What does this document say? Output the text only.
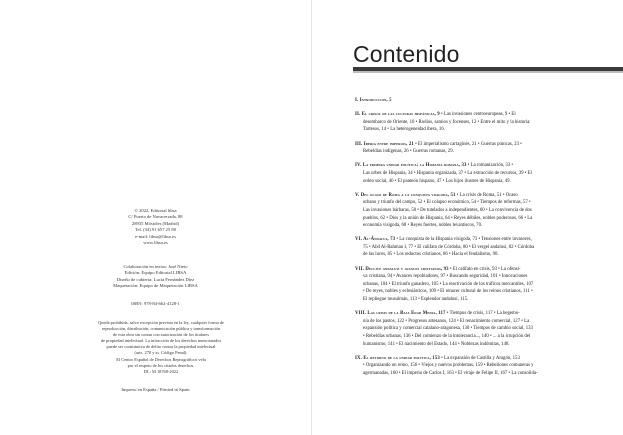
© 2022, Editorial libsa
C/ Puerto de Navacerrada, 88
28935 Móstoles (Madrid)
Tel. (34) 91 657 25 80
e-mail: libsa@libsa.es
www.libsa.es
Colaboración en textos: José Nieto
Edición: Equipo Editorial LIBSA
Diseño de cubierta: Lucía Fernández Díez
Maquetación: Equipo de Maquetación LIBSA
ISBN: 978-84-662-4128-1
Queda prohibida, salvo excepción prevista en la ley, cualquier forma de
reproducción, distribución, comunicación pública y transformación
de esta obra sin contar con autorización de los titulares
de propiedad intelectual. La infracción de los derechos mencionados
puede ser constitutiva de delito contra la propiedad intelectual
(arts. 270 y ss. Código Penal).
El Centro Español de Derechos Reprográficos vela
por el respeto de los citados derechos.
DL: M 18768-2022
Impreso en España / Printed in Spain
Contenido
I. Introducción, 5
II. El crisol de las culturas hispánicas, 9 • Las invasiones centroeuropeas, 9 • El
desembarco de Oriente, 10 • Rodios, samios y focenses, 12 • Entre el mito y la historia:
Tartesos, 14 • La heterogeneidad íbera, 16.
III. Iberia entre imperios, 21 • El imperialismo cartaginés, 21 • Guerras púnicas, 23 •
Rebeldías indígenas, 26 • Guerras romanas, 29.
IV. La primera unidad política: la Hispania romana, 33 • La romanización, 33 •
Las urbes de Hispania, 34 • Hispania organizada, 37 • La extracción de recursos, 39 • El
orden social, 46 • El panteón hispano, 47 • Los hijos ilustres de Hispania, 49.
V. Del ocaso de Roma a la conquista visigoda, 51 • La crisis de Roma, 51 • Ocaso
urbano y triunfo del campo, 52 • El colapso económico, 54 • Tiempos de reformas, 57 •
Las invasiones bárbaras, 58 • De tutelados a independientes, 60 • La convivencia de dos
pueblos, 62 • Dios y la unión de Hispania, 64 • Reyes débiles, nobles poderosos, 66 • La
economía visigoda, 68 • Reyes fuertes, nobles levantiscos, 70.
VI. Al-Ándalus, 73 • La conquista de la Hispania visigoda, 73 • Tensiones entre invasores,
75 • Abd Al-Rahman I, 77 • El califato de Córdoba, 80 • El vergel andalusí, 82 • Córdoba
de las luces, 85 • Los reductos cristianos, 86 • Hacia el feudalismo, 90.
VII. Declive andalusí y avances cristianos, 93 • El califato en crisis, 93 • La ofensi-
va cristiana, 94 • Avances repobladores, 97 • Buscando seguridad, 101 • Innovaciones
urbanas, 104 • El triunfo ganadero, 105 • La reactivación de los tráficos mercantiles, 107
• De reyes, nobles y eclesiásticos, 109 • El renacer cultural de los reinos cristianos, 111 •
El repliegue musulmán, 113 • Esplendor andalusí, 115.
VIII. Las crisis de la Baja Edad Media, 117 • Tiempos de crisis, 117 • La hegemo-
nía de los pastos, 122 • Progresos artesanos, 124 • El renacimiento comercial, 127 • La
expansión política y comercial catalano-aragonesa, 130 • Tiempos de cambio social, 133
• Rebeldías urbanas, 136 • Del comienzo de la intolerancia..., 140 • ... a la irrupción del
humanismo, 141 • El nacimiento del Estado, 144 • Noblezas indómitas, 148.
IX. El retorno de la unidad política, 153 • La expansión de Castilla y Aragón, 153
• Organizando un reino, 156 • Viejos y nuevos problemas, 159 • Rebeliones comuneras y
agermanadas, 160 • El imperio de Carlos I, 163 • El viraje de Felipe II, 167 • La consolida-
